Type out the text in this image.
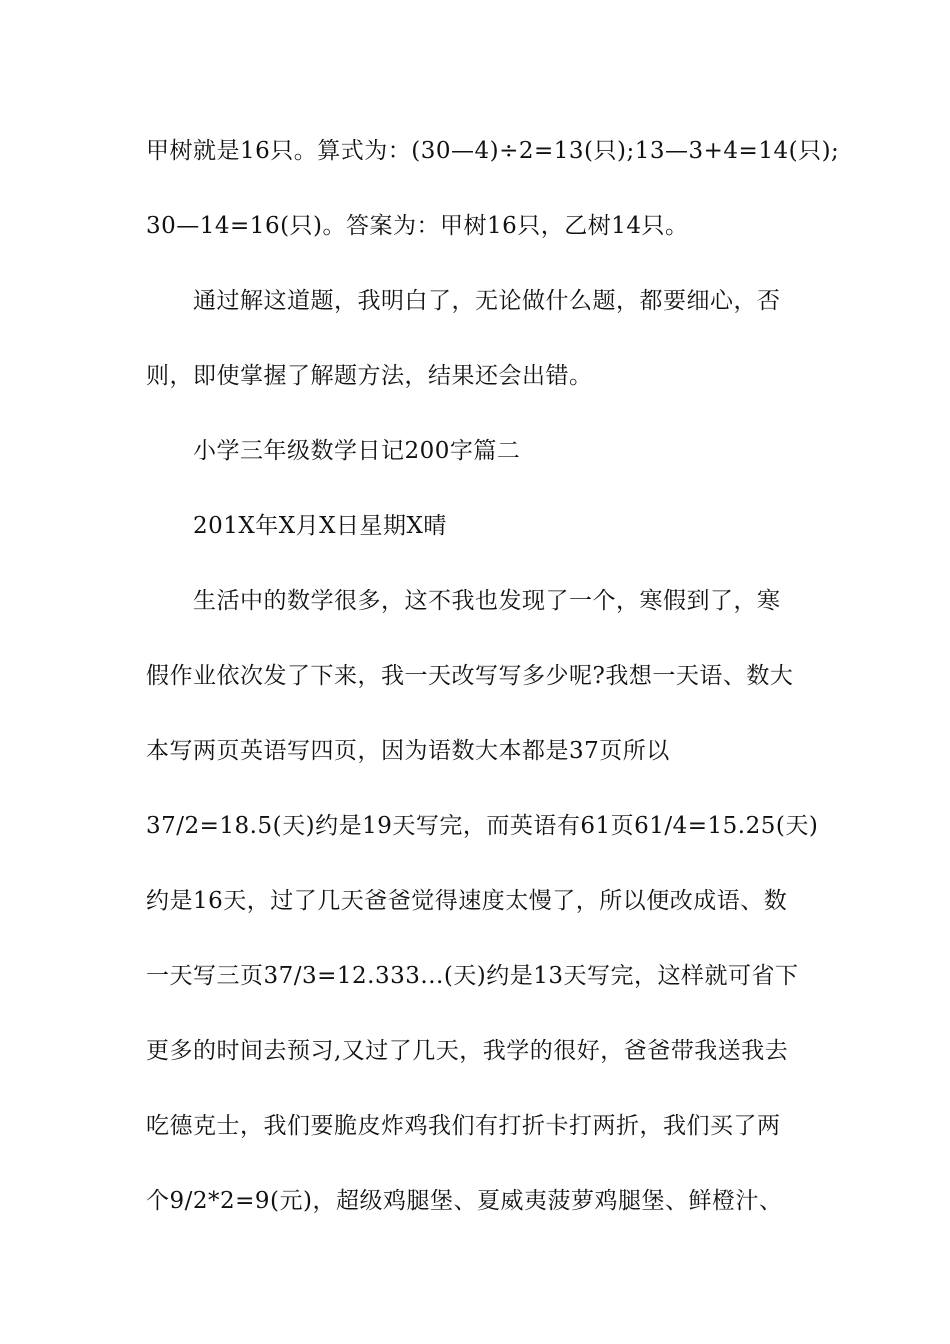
甲树就是16只。算式为：(30—4)÷2=13(只);13—3+4=14(只);
30—14=16(只)。答案为：甲树16只，乙树14只。
通过解这道题，我明白了，无论做什么题，都要细心，否
则，即使掌握了解题方法，结果还会出错。
小学三年级数学日记200字篇二
201X年X月X日星期X晴
生活中的数学很多，这不我也发现了一个，寒假到了，寒
假作业依次发了下来，我一天改写写多少呢?我想一天语、数大
本写两页英语写四页，因为语数大本都是37页所以
37/2=18.5(天)约是19天写完，而英语有61页61/4=15.25(天)
约是16天，过了几天爸爸觉得速度太慢了，所以便改成语、数
一天写三页37/3=12.333...(天)约是13天写完，这样就可省下
更多的时间去预习,又过了几天，我学的很好，爸爸带我送我去
吃德克士，我们要脆皮炸鸡我们有打折卡打两折，我们买了两
个9/2*2=9(元)，超级鸡腿堡、夏威夷菠萝鸡腿堡、鲜橙汁、
